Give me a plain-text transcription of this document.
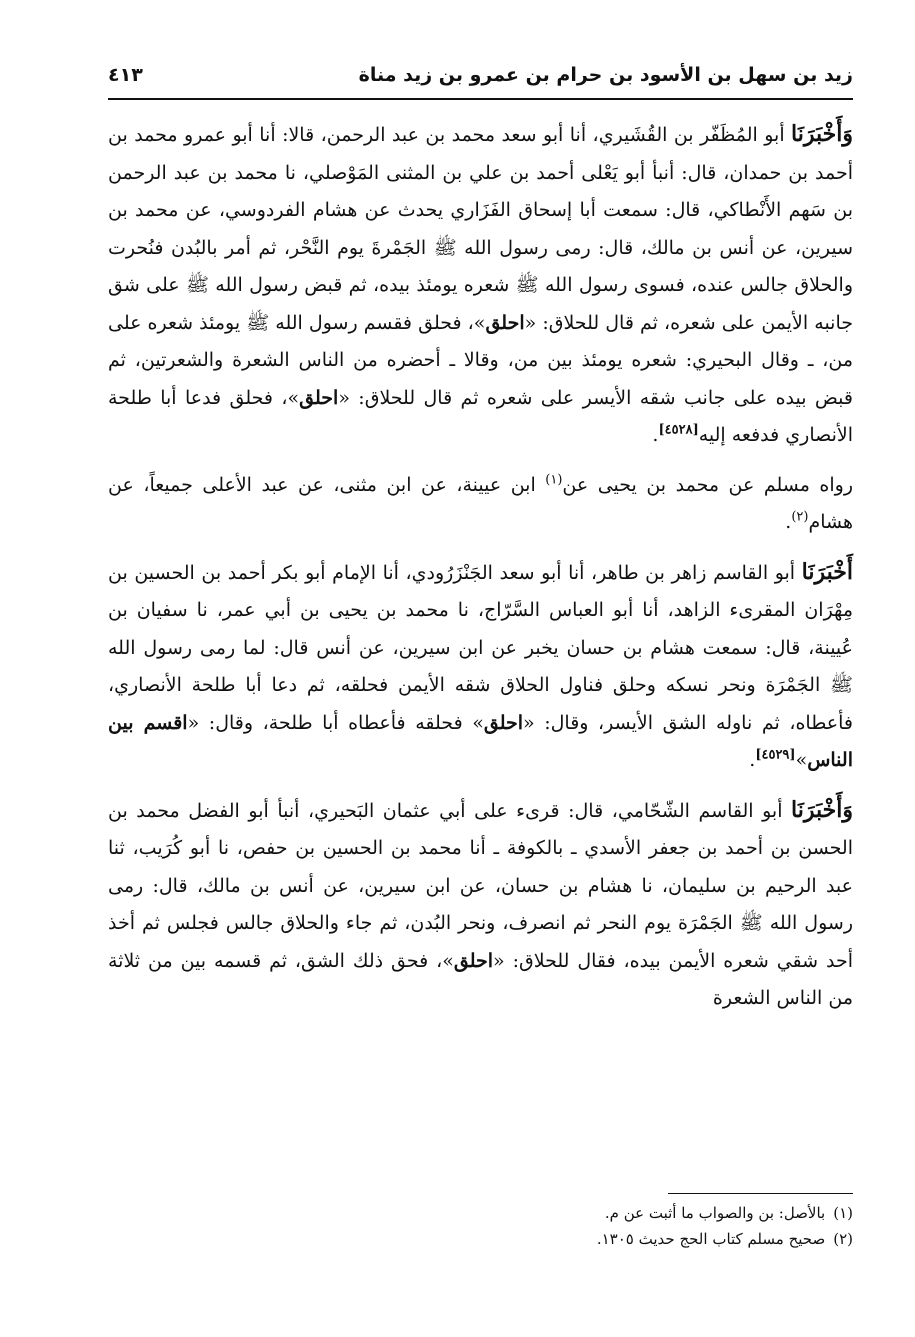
زيد بن سهل بن الأسود بن حرام بن عمرو بن زيد مناة
٤١٣

وَأَخْبَرَنَا أبو المُظَفّر بن القُشَيري، أنا أبو سعد محمد بن عبد الرحمن، قالا: أنا أبو عمرو محمد بن أحمد بن حمدان، قال: أنبأ أبو يَعْلى أحمد بن علي بن المثنى المَوْصلي، نا محمد بن عبد الرحمن بن سَهم الأَنْطاكي، قال: سمعت أبا إسحاق الفَزَاري يحدث عن هشام الفردوسي، عن محمد بن سيرين، عن أنس بن مالك، قال: رمى رسول الله ﷺ الجَمْرةَ يوم النَّحْر، ثم أمر بالبُدن فنُحرت والحلاق جالس عنده، فسوى رسول الله ﷺ شعره يومئذ بيده، ثم قبض رسول الله ﷺ على شق جانبه الأيمن على شعره، ثم قال للحلاق: «احلق»، فحلق فقسم رسول الله ﷺ يومئذ شعره على من، ـ وقال البحيري: شعره يومئذ بين من، وقالا ـ أحضره من الناس الشعرة والشعرتين، ثم قبض بيده على جانب شقه الأيسر على شعره ثم قال للحلاق: «احلق»، فحلق فدعا أبا طلحة الأنصاري فدفعه إليه[٤٥٢٨].

رواه مسلم عن محمد بن يحيى عن$^{(١)}$ ابن عيينة، عن ابن مثنى، عن عبد الأعلى جميعاً، عن هشام$^{(٢)}$.

أَخْبَرَنَا أبو القاسم زاهر بن طاهر، أنا أبو سعد الجَنْزَرُودي، أنا الإمام أبو بكر أحمد بن الحسين بن مِهْرَان المقرىء الزاهد، أنا أبو العباس السَّرّاج، نا محمد بن يحيى بن أبي عمر، نا سفيان بن عُيينة، قال: سمعت هشام بن حسان يخبر عن ابن سيرين، عن أنس قال: لما رمى رسول الله ﷺ الجَمْرَة ونحر نسكه وحلق فناول الحلاق شقه الأيمن فحلقه، ثم دعا أبا طلحة الأنصاري، فأعطاه، ثم ناوله الشق الأيسر، وقال: «احلق» فحلقه فأعطاه أبا طلحة، وقال: «اقسم بين الناس»[٤٥٢٩].

وَأَخْبَرَنَا أبو القاسم الشّحّامي، قال: قرىء على أبي عثمان البَحيري، أنبأ أبو الفضل محمد بن الحسن بن أحمد بن جعفر الأسدي ـ بالكوفة ـ أنا محمد بن الحسين بن حفص، نا أبو كُرَيب، ثنا عبد الرحيم بن سليمان، نا هشام بن حسان، عن ابن سيرين، عن أنس بن مالك، قال: رمى رسول الله ﷺ الجَمْرَة يوم النحر ثم انصرف، ونحر البُدن، ثم جاء والحلاق جالس فجلس ثم أخذ أحد شقي شعره الأيمن بيده، فقال للحلاق: «احلق»، فحق ذلك الشق، ثم قسمه بين من ثلاثة من الناس الشعرة

(١)بالأصل: بن والصواب ما أثبت عن م.

(٢)صحيح مسلم كتاب الحج حديث ١٣٠٥.
